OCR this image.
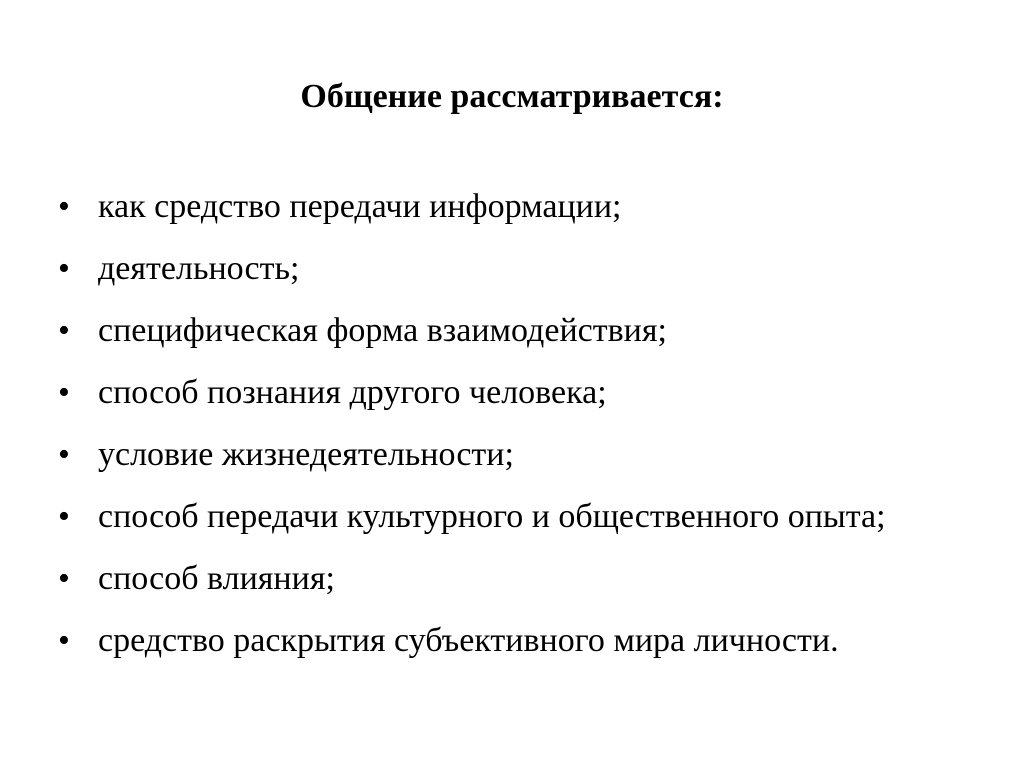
Общение рассматривается:
• как средство передачи информации;
• деятельность;
• специфическая форма взаимодействия;
• способ познания другого человека;
• условие жизнедеятельности;
• способ передачи культурного и общественного опыта;
• способ влияния;
• средство раскрытия субъективного мира личности.
